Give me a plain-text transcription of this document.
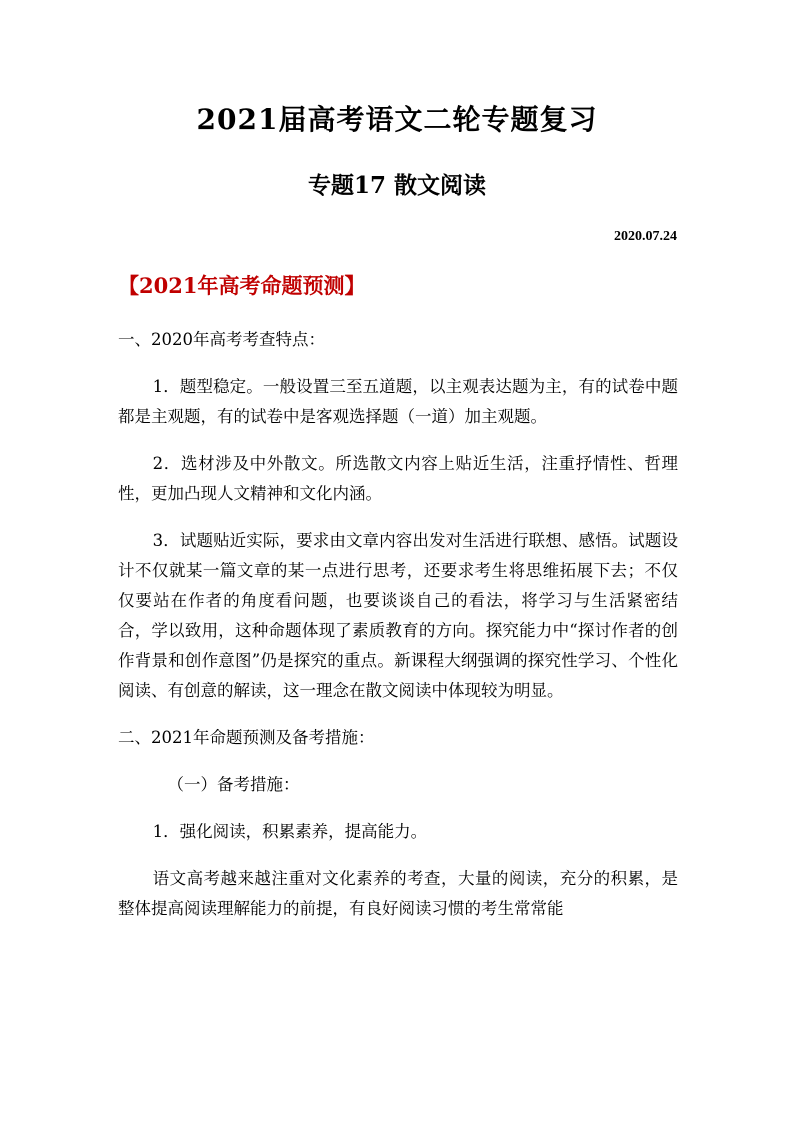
2021届高考语文二轮专题复习
专题17 散文阅读
2020.07.24
【2021年高考命题预测】

一、2020年高考考查特点：

1．题型稳定。一般设置三至五道题，以主观表达题为主，有的试卷中题都是主观题，有的试卷中是客观选择题（一道）加主观题。

2．选材涉及中外散文。所选散文内容上贴近生活，注重抒情性、哲理性，更加凸现人文精神和文化内涵。

3．试题贴近实际，要求由文章内容出发对生活进行联想、感悟。试题设计不仅就某一篇文章的某一点进行思考，还要求考生将思维拓展下去；不仅仅要站在作者的角度看问题，也要谈谈自己的看法，将学习与生活紧密结合，学以致用，这种命题体现了素质教育的方向。探究能力中“探讨作者的创作背景和创作意图”仍是探究的重点。新课程大纲强调的探究性学习、个性化阅读、有创意的解读，这一理念在散文阅读中体现较为明显。

二、2021年命题预测及备考措施：

（一）备考措施：

1．强化阅读，积累素养，提高能力。

语文高考越来越注重对文化素养的考查，大量的阅读，充分的积累，是整体提高阅读理解能力的前提，有良好阅读习惯的考生常常能
